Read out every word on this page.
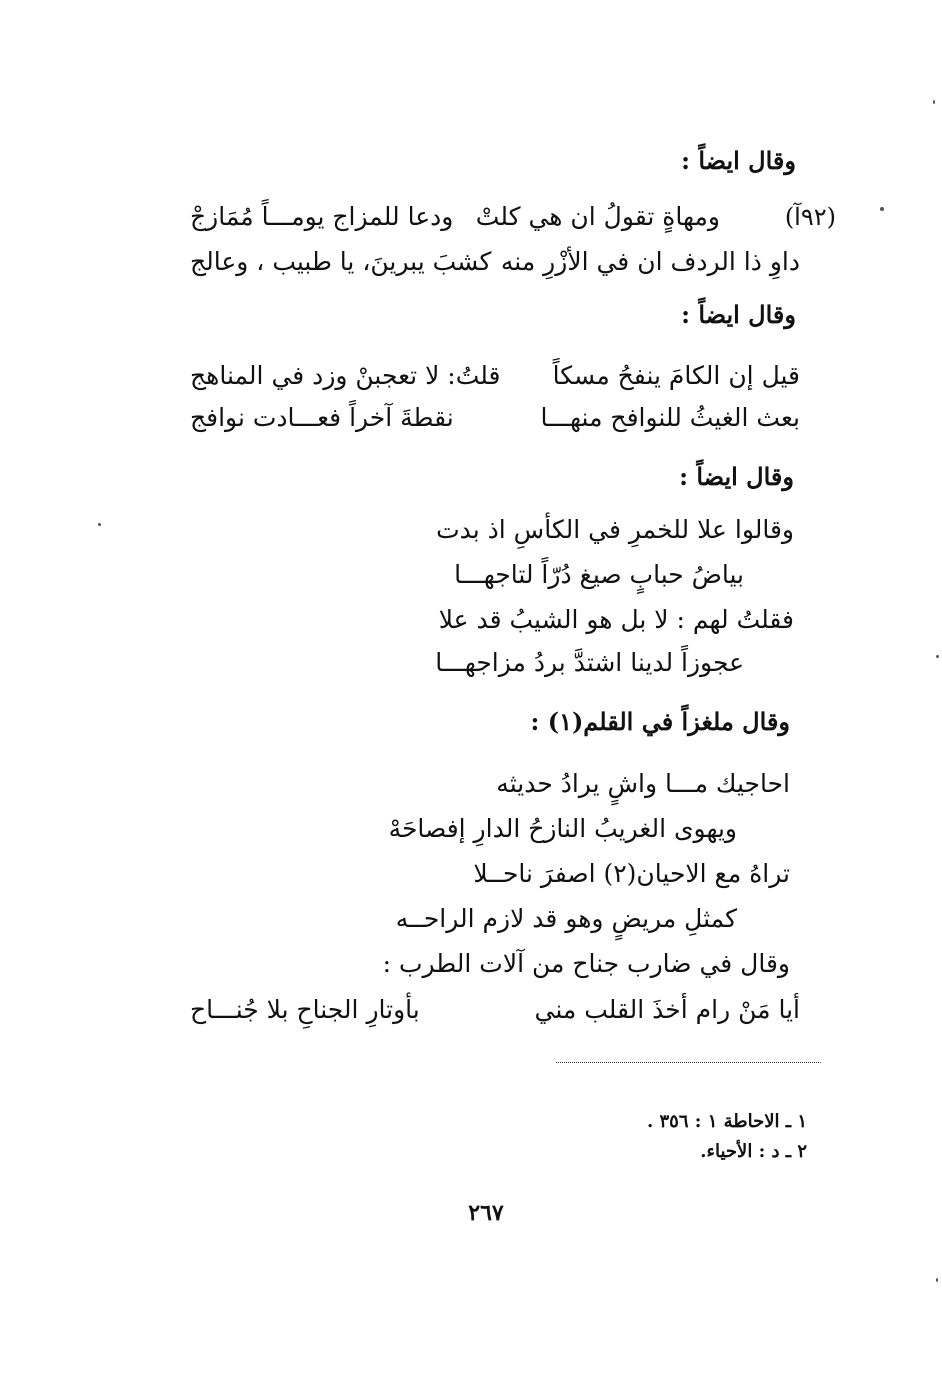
وقال ايضاً :
(٩٢آ)
ومهاةٍ تقولُ ان هي كلتْ
ودعا للمزاج يومـــاً مُمَازجْ
داوِ ذا الردف ان في الأزْرِ منه
كشبَ يبرينَ، يا طبيب ، وعالج
وقال ايضاً :
قيل إن الكامَ ينفحُ مسكاً
قلتُ: لا تعجبنْ وزد في المناهج
بعث الغيثُ للنوافح منهـــا
نقطةَ آخراً فعـــادت نوافج
وقال ايضاً :
وقالوا علا للخمرِ في الكأسِ اذ بدت
بياضُ حبابٍ صيغ دُرّاً لتاجهـــا
فقلتُ لهم : لا بل هو الشيبُ قد علا
عجوزاً لدينا اشتدَّ بردُ مزاجهـــا
وقال ملغزاً في القلم(١) :
احاجيك مـــا واشٍ يرادُ حديثه
ويهوى الغريبُ النازحُ الدارِ إفصاحَهْ
تراهُ مع الاحيان(٢) اصفرَ ناحــلا
كمثلِ مريضٍ وهو قد لازم الراحــه
وقال في ضارب جناح من آلات الطرب :
أيا مَنْ رام أخذَ القلب مني
بأوتارِ الجناحِ بلا جُنـــاح
١ ـ الاحاطة ١ : ٣٥٦ .
٢ ـ د : الأحياء.
٢٦٧
